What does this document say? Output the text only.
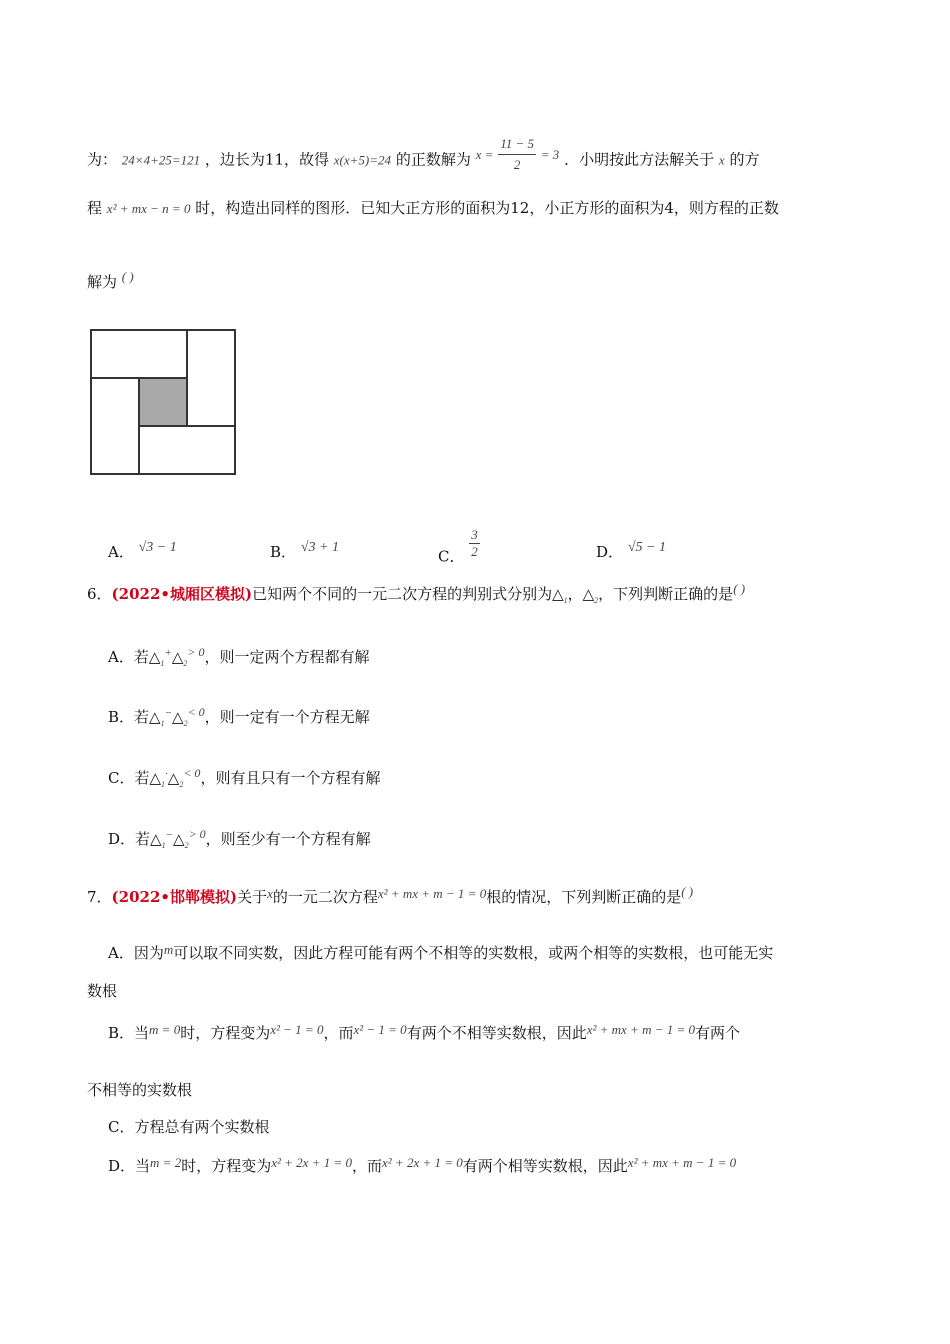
为： 24×4+25=121 ，边长为11，故得 x(x+5)=24 的正数解为 $x = \frac{11 - 5}{2} = 3$ ．小明按此方法解关于 x 的方
程 x² + mx − n = 0 时，构造出同样的图形．已知大正方形的面积为12，小正方形的面积为4，则方程的正数
解为 ( )
A． √3 − 1	B． √3 + 1	C． $\frac{3}{2}$	D． √5 − 1
6．(2022•城厢区模拟)已知两个不同的一元二次方程的判别式分别为$\triangle_1$，$\triangle_2$，下列判断正确的是( )
A．若$\triangle_1^+\triangle_2^{> 0}$，则一定两个方程都有解
B．若$\triangle_1^-\triangle_2^{< 0}$，则一定有一个方程无解
C．若$\triangle_1^\cdot\triangle_2^{< 0}$，则有且只有一个方程有解
D．若$\triangle_1^-\triangle_2^{> 0}$，则至少有一个方程有解
7．(2022•邯郸模拟)关于x的一元二次方程x² + mx + m − 1 = 0根的情况，下列判断正确的是( )
A．因为m可以取不同实数，因此方程可能有两个不相等的实数根，或两个相等的实数根，也可能无实
数根
B．当m = 0时，方程变为x² − 1 = 0，而x² − 1 = 0有两个不相等实数根，因此x² + mx + m − 1 = 0有两个
不相等的实数根
C．方程总有两个实数根
D．当m = 2时，方程变为x² + 2x + 1 = 0，而x² + 2x + 1 = 0有两个相等实数根，因此x² + mx + m − 1 = 0
